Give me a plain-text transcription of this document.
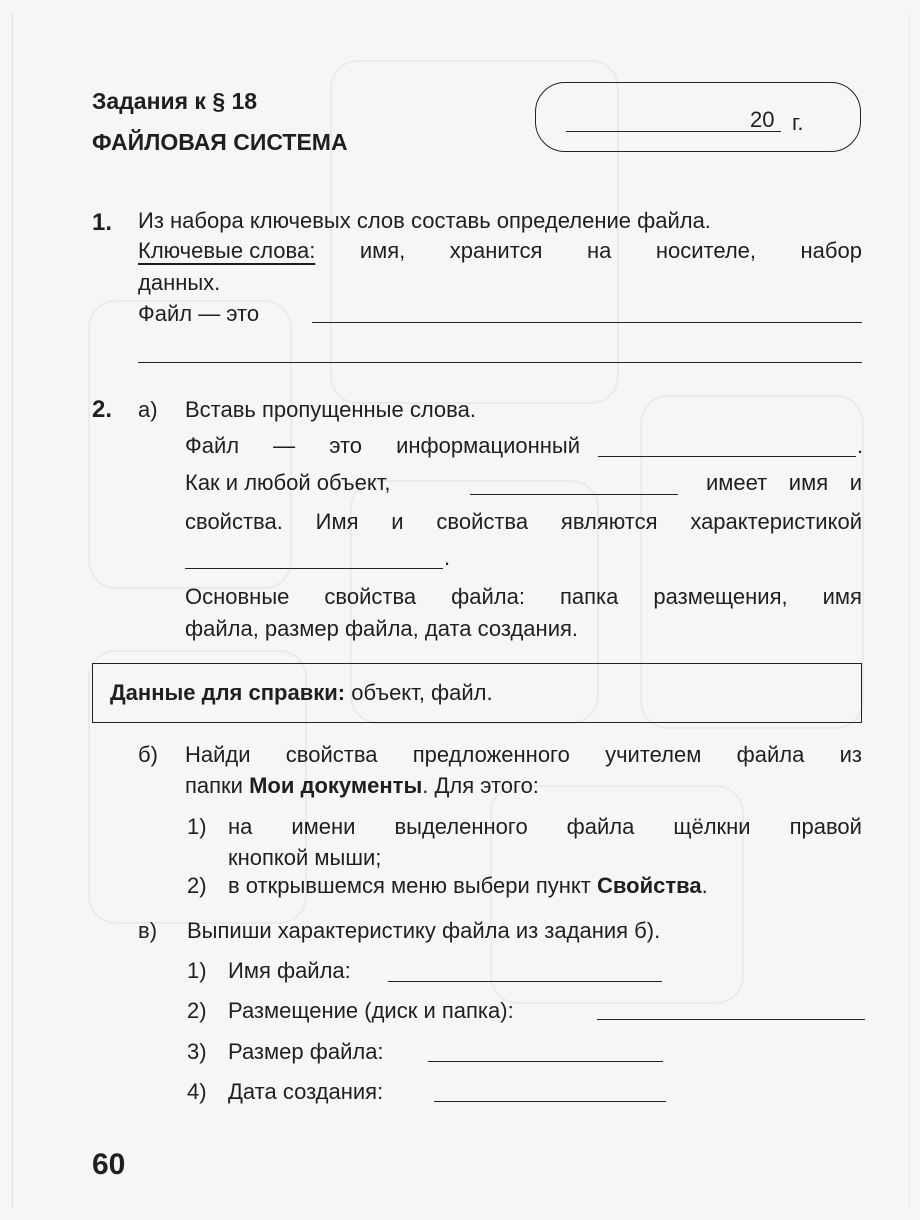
Задания к § 18
ФАЙЛОВАЯ СИСТЕМА
20 г.
1. Из набора ключевых слов составь определение файла.
Ключевые слова: имя, хранится на носителе, набор
данных.
Файл — это
2. а) Вставь пропущенные слова.
Файл — это информационный	.
Как и любой объект,	имеет имя и
свойства. Имя и свойства являются характеристикой
.
Основные свойства файла: папка размещения, имя
файла, размер файла, дата создания.
Данные для справки: объект, файл.
б) Найди свойства предложенного учителем файла из
папки Мои документы. Для этого:
1) на имени выделенного файла щёлкни правой
кнопкой мыши;
2) в открывшемся меню выбери пункт Свойства.
в) Выпиши характеристику файла из задания б).
1) Имя файла:
2) Размещение (диск и папка):
3) Размер файла:
4) Дата создания:
60
